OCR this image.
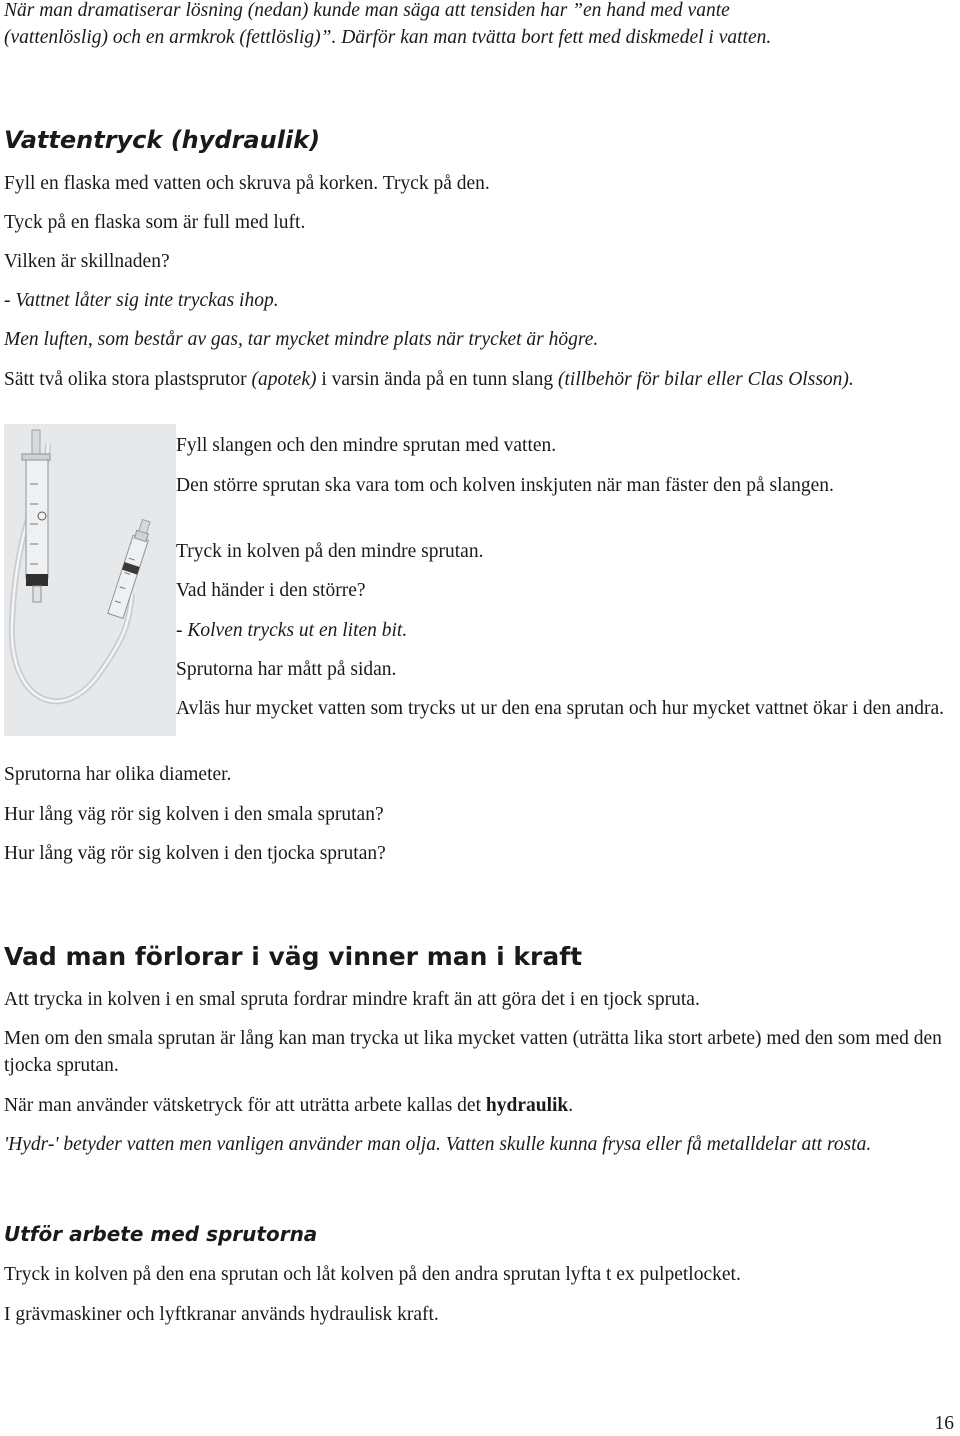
När man dramatiserar lösning (nedan) kunde man säga att tensiden har ”en hand med vante

(vattenlöslig) och en armkrok (fettlöslig)”. Därför kan man tvätta bort fett med diskmedel i vatten.

Vattentryck (hydraulik)

Fyll en flaska med vatten och skruva på korken. Tryck på den.

Tyck på en flaska som är full med luft.

Vilken är skillnaden?

- Vattnet låter sig inte tryckas ihop.

Men luften, som består av gas, tar mycket mindre plats när trycket är högre.

Sätt två olika stora plastsprutor (apotek) i varsin ända på en tunn slang (tillbehör för bilar eller Clas Olsson).

Fyll slangen och den mindre sprutan med vatten.

Den större sprutan ska vara tom och kolven inskjuten när man fäster den på slangen.

Tryck in kolven på den mindre sprutan.

Vad händer i den större?

- Kolven trycks ut en liten bit.

Sprutorna har mått på sidan.

Avläs hur mycket vatten som trycks ut ur den ena sprutan och hur mycket vattnet ökar i den andra.

Sprutorna har olika diameter.

Hur lång väg rör sig kolven i den smala sprutan?

Hur lång väg rör sig kolven i den tjocka sprutan?

Vad man förlorar i väg vinner man i kraft

Att trycka in kolven i en smal spruta fordrar mindre kraft än att göra det i en tjock spruta.

Men om den smala sprutan är lång kan man trycka ut lika mycket vatten (uträtta lika stort arbete) med den som med den tjocka sprutan.

När man använder vätsketryck för att uträtta arbete kallas det hydraulik.

'Hydr-' betyder vatten men vanligen använder man olja. Vatten skulle kunna frysa eller få metalldelar att rosta.

Utför arbete med sprutorna

Tryck in kolven på den ena sprutan och låt kolven på den andra sprutan lyfta t ex pulpetlocket.

I grävmaskiner och lyftkranar används hydraulisk kraft.

16
